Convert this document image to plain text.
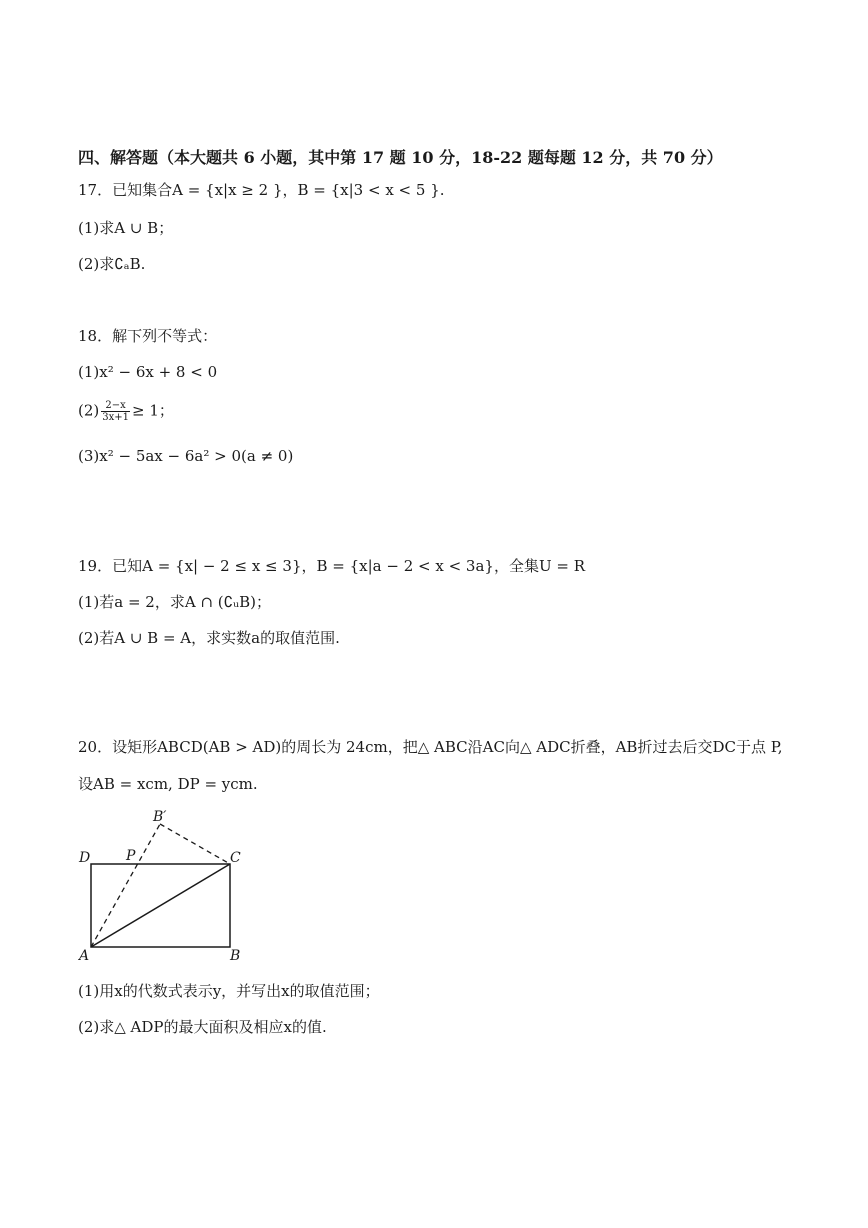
四、解答题（本大题共 6 小题，其中第 17 题 10 分，18-22 题每题 12 分，共 70 分）
17．已知集合A = {x|x ≥ 2 }，B = {x|3 < x < 5 }.
(1)求A ∪ B；
(2)求∁ₐB.
18．解下列不等式：
(1)x² − 6x + 8 < 0
$(2) \frac{2-x}{3x+1} \ge 1$；
(3)x² − 5ax − 6a² > 0(a ≠ 0)
19．已知A = {x| − 2 ≤ x ≤ 3}，B = {x|a − 2 < x < 3a}，全集U = R
(1)若a = 2，求A ∩ (∁ᵤB)；
(2)若A ∪ B = A，求实数a的取值范围.
20．设矩形ABCD(AB > AD)的周长为 24cm，把△ ABC沿AC向△ ADC折叠，AB折过去后交DC于点 P,
设AB = xcm, DP = ycm.
B′
D	P	C
A	B
(1)用x的代数式表示y，并写出x的取值范围；
(2)求△ ADP的最大面积及相应x的值.
